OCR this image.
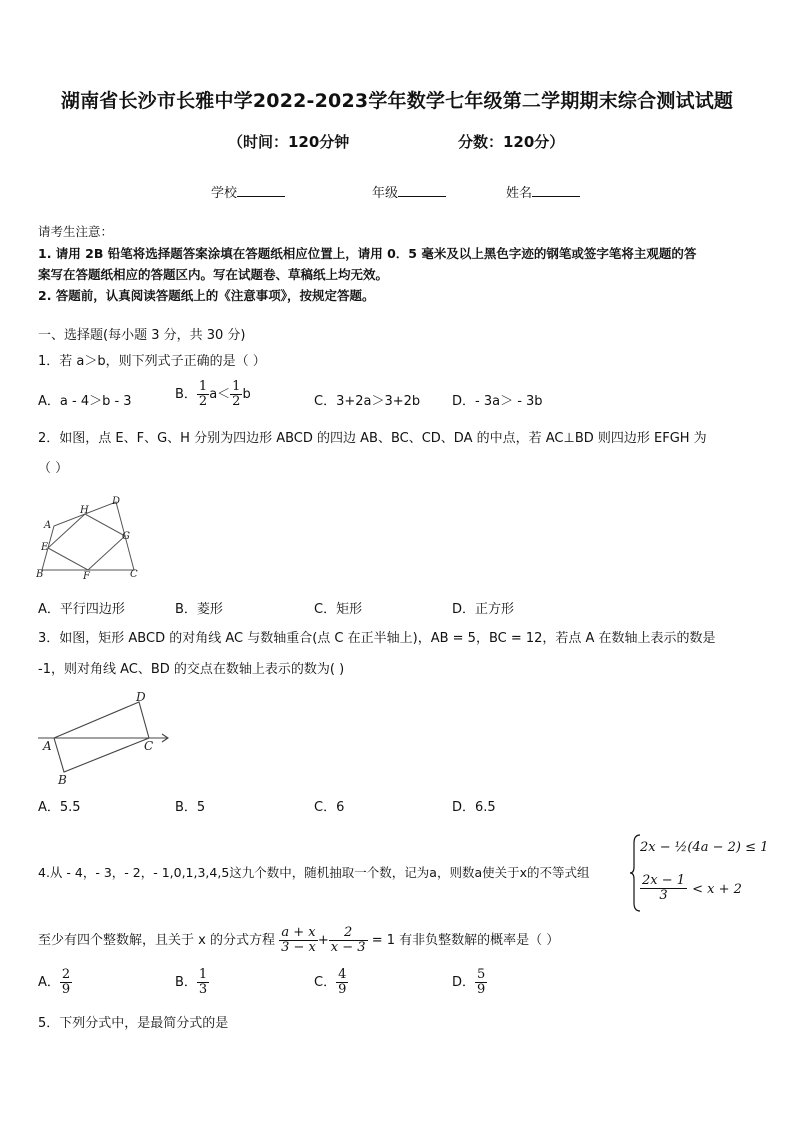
湖南省长沙市长雅中学2022-2023学年数学七年级第二学期期末综合测试试题
（时间：120分钟	分数：120分）
学校	年级	姓名
请考生注意：
1. 请用 2B 铅笔将选择题答案涂填在答题纸相应位置上，请用 0．5 毫米及以上黑色字迹的钢笔或签字笔将主观题的答
案写在答题纸相应的答题区内。写在试题卷、草稿纸上均无效。
2. 答题前，认真阅读答题纸上的《注意事项》，按规定答题。
一、选择题(每小题 3 分，共 30 分)
1．若 a＞b，则下列式子正确的是（ ）
A．a - 4＞b - 3	B． $\frac{1}{2} a< \frac{1}{2}$ b	C．3+2a＞3+2b D．- 3a＞ - 3b
2．如图，点 E、F、G、H 分别为四边形 ABCD 的四边 AB、BC、CD、DA 的中点，若 AC⊥BD 则四边形 EFGH 为
（ ）
A
B	C
D
E
F
G
H
A．平行四边形	B．菱形	C．矩形	D．正方形
3．如图，矩形 ABCD 的对角线 AC 与数轴重合(点 C 在正半轴上)，AB = 5，BC = 12，若点 A 在数轴上表示的数是
-1，则对角线 AC、BD 的交点在数轴上表示的数为( )
A
B
C
D
A．5.5	B．5	C．6	D．6.5
4.从 - 4，- 3，- 2，- 1,0,1,3,4,5这九个数中，随机抽取一个数，记为a，则数a使关于x的不等式组
2x − ½(4a − 2) ≤ 1
$\frac{2x - 1}{3} < x + 2$
至少有四个整数解，且关于 x 的分式方程 $\frac{a + x}{3 - x} + \frac{2}{x - 3} = 1$ 有非负整数解的概率是（ ）
A． $\frac{2}{9}$	B． $\frac{1}{3}$	C． $\frac{4}{9}$	D． $\frac{5}{9}$
5．下列分式中，是最简分式的是
